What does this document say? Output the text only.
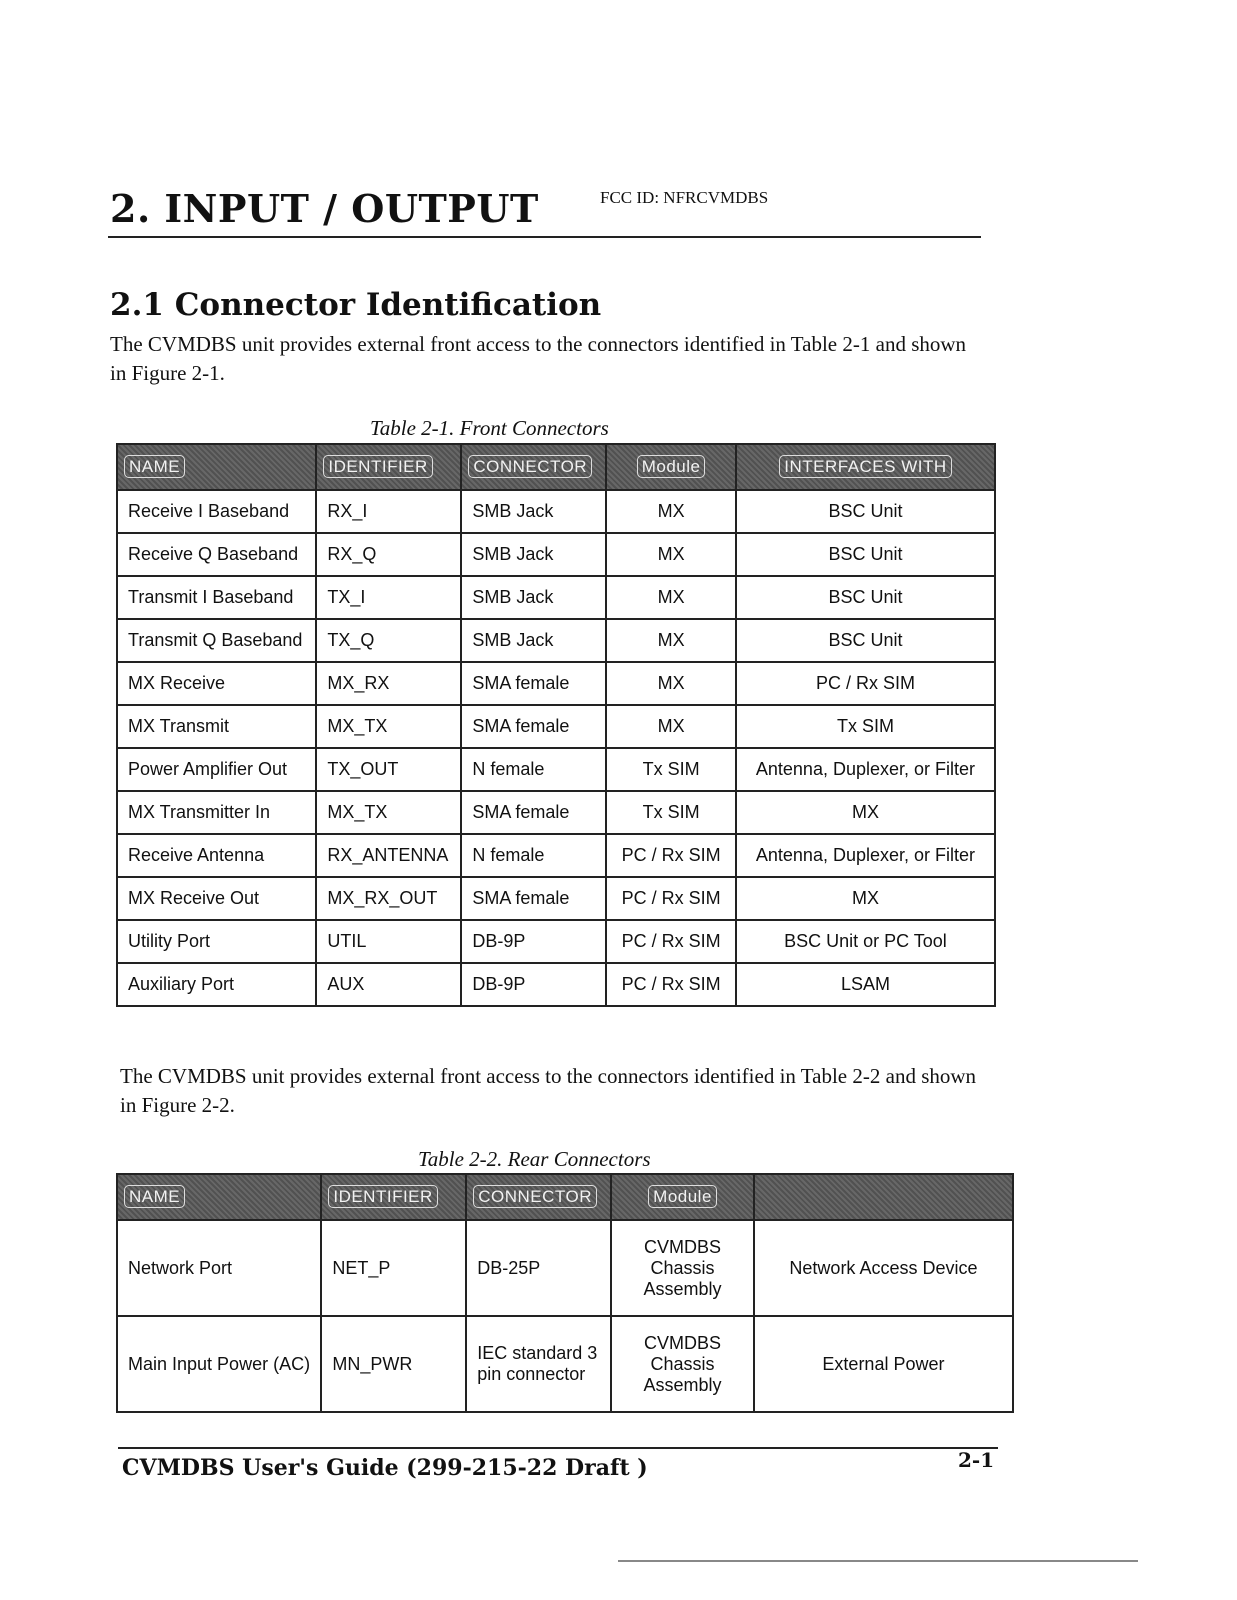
2. INPUT / OUTPUT	FCC ID: NFRCVMDBS
2.1 Connector Identification
The CVMDBS unit provides external front access to the connectors identified in Table 2-1 and shown in Figure 2-1.
Table 2-1. Front Connectors
NAME	IDENTIFIER	CONNECTOR	Module	INTERFACES WITH
Receive I Baseband	RX_I	SMB Jack	MX	BSC Unit
Receive Q Baseband	RX_Q	SMB Jack	MX	BSC Unit
Transmit I Baseband	TX_I	SMB Jack	MX	BSC Unit
Transmit Q Baseband	TX_Q	SMB Jack	MX	BSC Unit
MX Receive	MX_RX	SMA female	MX	PC / Rx SIM
MX Transmit	MX_TX	SMA female	MX	Tx SIM
Power Amplifier Out	TX_OUT	N female	Tx SIM	Antenna, Duplexer, or Filter
MX Transmitter In	MX_TX	SMA female	Tx SIM	MX
Receive Antenna	RX_ANTENNA	N female	PC / Rx SIM	Antenna, Duplexer, or Filter
MX Receive Out	MX_RX_OUT	SMA female	PC / Rx SIM	MX
Utility Port	UTIL	DB-9P	PC / Rx SIM	BSC Unit or PC Tool
Auxiliary Port	AUX	DB-9P	PC / Rx SIM	LSAM
The CVMDBS unit provides external front access to the connectors identified in Table 2-2 and shown in Figure 2-2.
Table 2-2. Rear Connectors
NAME	IDENTIFIER	CONNECTOR	Module	
Network Port	NET_P	DB-25P	CVMDBS Chassis Assembly	Network Access Device
Main Input Power (AC)	MN_PWR	IEC standard 3 pin connector	CVMDBS Chassis Assembly	External Power
CVMDBS User's Guide (299-215-22 Draft )	2-1
